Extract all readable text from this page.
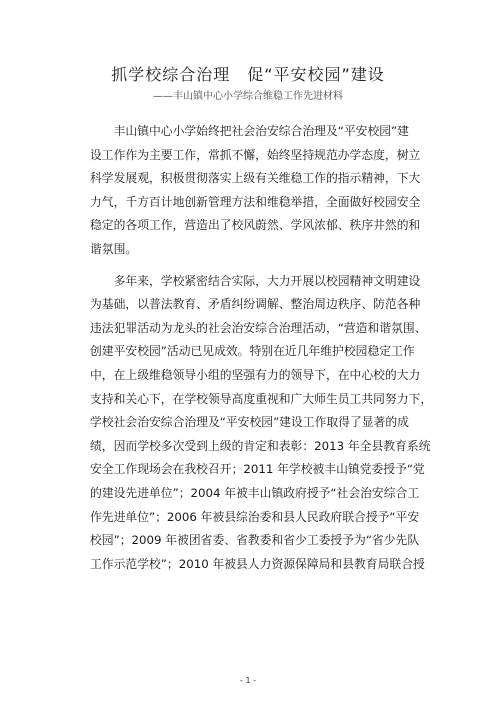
抓学校综合治理　促“平安校园”建设
——丰山镇中心小学综合维稳工作先进材料
　　丰山镇中心小学始终把社会治安综合治理及“平安校园”建
设工作作为主要工作，常抓不懈，始终坚持规范办学态度，树立
科学发展观，积极贯彻落实上级有关维稳工作的指示精神，下大
力气，千方百计地创新管理方法和维稳举措，全面做好校园安全
稳定的各项工作，营造出了校风蔚然、学风浓郁、秩序井然的和
谐氛围。
　　多年来，学校紧密结合实际，大力开展以校园精神文明建设
为基础，以普法教育、矛盾纠纷调解、整治周边秩序、防范各种
违法犯罪活动为龙头的社会治安综合治理活动，“营造和谐氛围、
创建平安校园”活动已见成效。特别在近几年维护校园稳定工作
中，在上级维稳领导小组的坚强有力的领导下，在中心校的大力
支持和关心下，在学校领导高度重视和广大师生员工共同努力下，
学校社会治安综合治理及“平安校园”建设工作取得了显著的成
绩，因而学校多次受到上级的肯定和表彰：2013 年全县教育系统
安全工作现场会在我校召开；2011 年学校被丰山镇党委授予“党
的建设先进单位”；2004 年被丰山镇政府授予“社会治安综合工
作先进单位”；2006 年被县综治委和县人民政府联合授予“平安
校园”；2009 年被团省委、省教委和省少工委授予为“省少先队
工作示范学校”；2010 年被县人力资源保障局和县教育局联合授
- 1 -
